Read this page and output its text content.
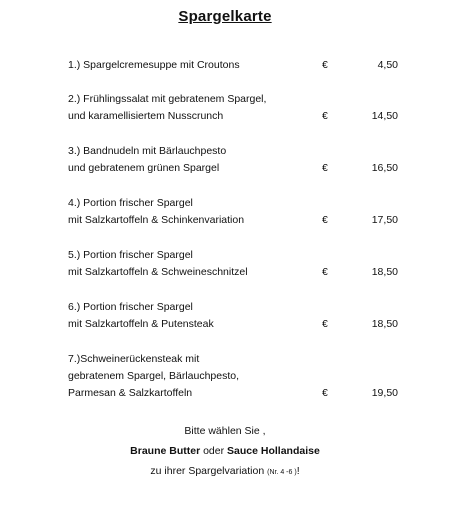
Spargelkarte
1.) Spargelcremesuppe mit Croutons	€	4,50
2.) Frühlingssalat mit gebratenem Spargel,
und karamellisiertem Nusscrunch	€	14,50
3.) Bandnudeln mit Bärlauchpesto
und gebratenem grünen Spargel	€	16,50
4.) Portion frischer Spargel
mit Salzkartoffeln & Schinkenvariation	€	17,50
5.) Portion frischer Spargel
mit Salzkartoffeln & Schweineschnitzel	€	18,50
6.) Portion frischer Spargel
mit Salzkartoffeln & Putensteak	€	18,50
7.)Schweinerückensteak mit
gebratenem Spargel, Bärlauchpesto,
Parmesan & Salzkartoffeln	€	19,50
Bitte wählen Sie ,
Braune Butter oder Sauce Hollandaise
zu ihrer Spargelvariation (Nr. 4 -6 )!
